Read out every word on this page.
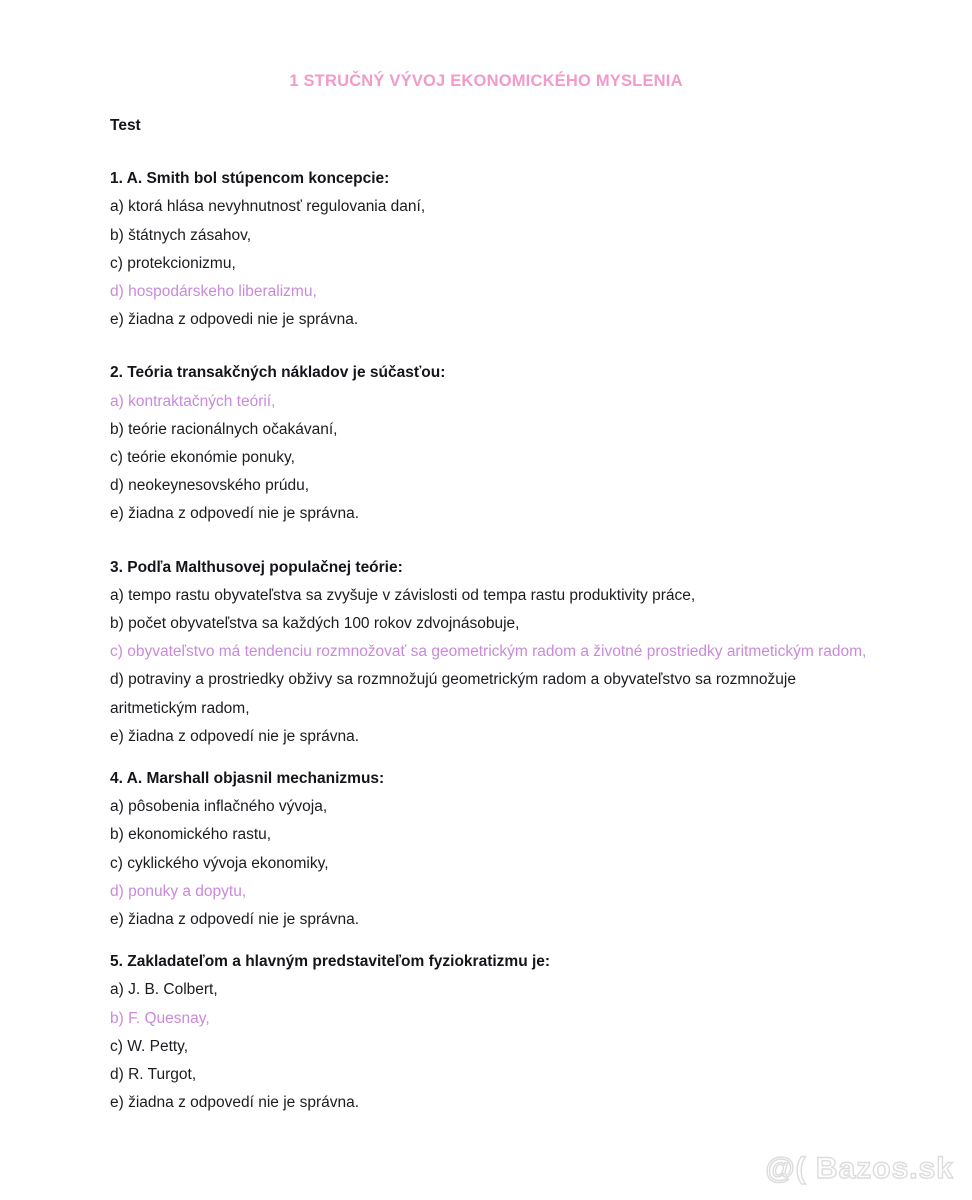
1 STRUČNÝ VÝVOJ EKONOMICKÉHO MYSLENIA
Test
1. A. Smith bol stúpencom koncepcie:
a) ktorá hlása nevyhnutnosť regulovania daní,
b) štátnych zásahov,
c) protekcionizmu,
d) hospodárskeho liberalizmu,
e) žiadna z odpovedi nie je správna.
2. Teória transakčných nákladov je súčasťou:
a) kontraktačných teórií,
b) teórie racionálnych očakávaní,
c) teórie ekonómie ponuky,
d) neokeynesovského prúdu,
e) žiadna z odpovedí nie je správna.
3. Podľa Malthusovej populačnej teórie:
a) tempo rastu obyvateľstva sa zvyšuje v závislosti od tempa rastu produktivity práce,
b) počet obyvateľstva sa každých 100 rokov zdvojnásobuje,
c) obyvateľstvo má tendenciu rozmnožovať sa geometrickým radom a životné prostriedky aritmetickým radom,
d) potraviny a prostriedky obživy sa rozmnožujú geometrickým radom a obyvateľstvo sa rozmnožuje aritmetickým radom,
e) žiadna z odpovedí nie je správna.
4. A. Marshall objasnil mechanizmus:
a) pôsobenia inflačného vývoja,
b) ekonomického rastu,
c) cyklického vývoja ekonomiky,
d) ponuky a dopytu,
e) žiadna z odpovedí nie je správna.
5. Zakladateľom a hlavným predstaviteľom fyziokratizmu je:
a) J. B. Colbert,
b) F. Quesnay,
c) W. Petty,
d) R. Turgot,
e) žiadna z odpovedí nie je správna.
@( Bazos.sk
